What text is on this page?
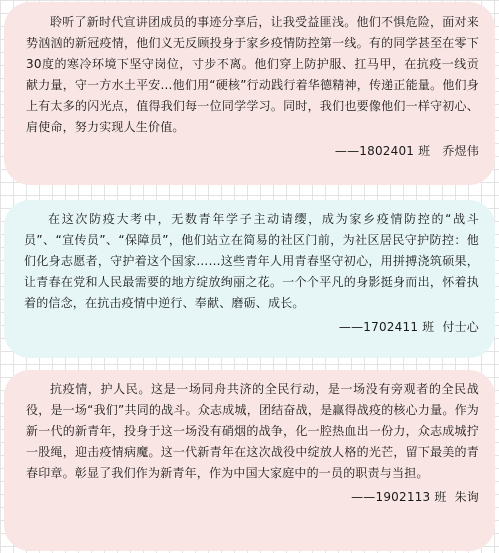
聆听了新时代宣讲团成员的事迹分享后，让我受益匪浅。他们不惧危险，面对来势汹汹的新冠疫情，他们义无反顾投身于家乡疫情防控第一线。有的同学甚至在零下30度的寒冷环境下坚守岗位，寸步不离。他们穿上防护服、扛马甲，在抗疫一线贡献力量，守一方水土平安...他们用“硬核”行动践行着华德精神，传递正能量。他们身上有太多的闪光点，值得我们每一位同学学习。同时，我们也要像他们一样守初心、肩使命，努力实现人生价值。

——1802401 班   乔煜伟

在这次防疫大考中，无数青年学子主动请缨，成为家乡疫情防控的“战斗员”、“宣传员”、“保障员”，他们站立在简易的社区门前，为社区居民守护防控：他们化身志愿者，守护着这个国家……这些青年人用青春坚守初心，用拼搏浇筑硕果，让青春在党和人民最需要的地方绽放绚丽之花。一个个平凡的身影挺身而出，怀着执着的信念，在抗击疫情中逆行、奉献、磨砺、成长。

——1702411 班  付士心

抗疫情，护人民。这是一场同舟共济的全民行动，是一场没有旁观者的全民战役，是一场“我们”共同的战斗。众志成城，团结奋战，是赢得战疫的核心力量。作为新一代的新青年，投身于这一场没有硝烟的战争，化一腔热血出一份力，众志成城拧一股绳，迎击疫情病魔。这一代新青年在这次战役中绽放人格的光芒，留下最美的青春印章。彰显了我们作为新青年，作为中国大家庭中的一员的职责与当担。

——1902113 班  朱询
